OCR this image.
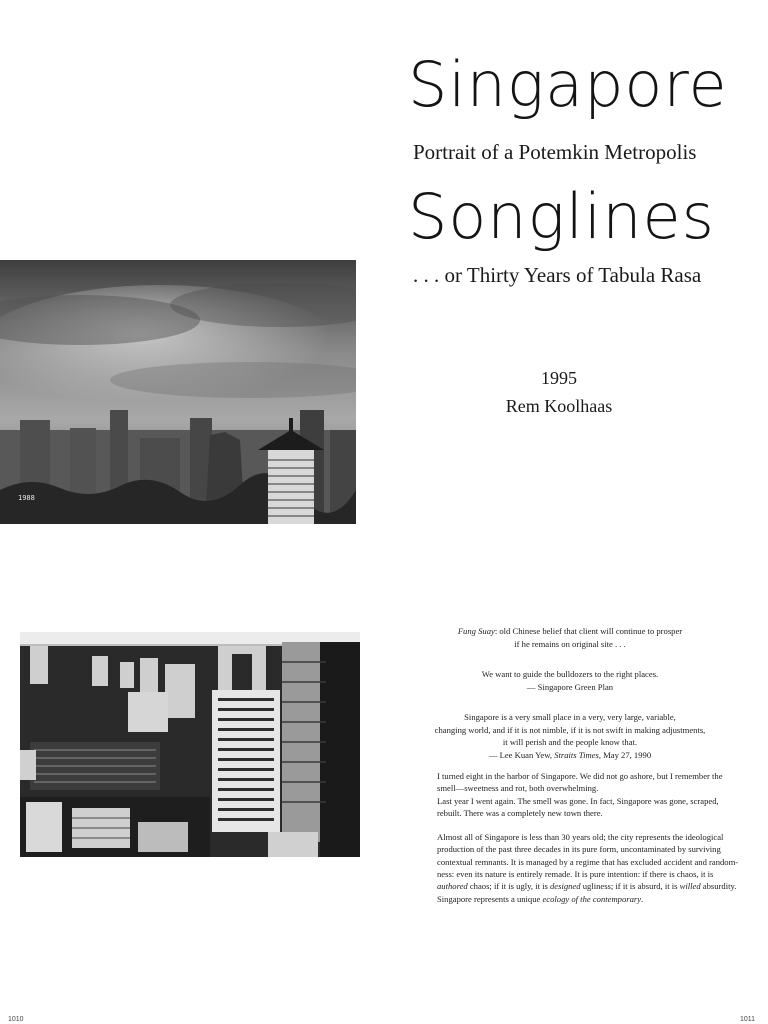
Singapore
Portrait of a Potemkin Metropolis
Songlines
. . . or Thirty Years of Tabula Rasa
1995
Rem Koolhaas
1988

Fung Suay: old Chinese belief that client will continue to prosper
if he remains on original site . . .

We want to guide the bulldozers to the right places.
— Singapore Green Plan

Singapore is a very small place in a very, very large, variable,
changing world, and if it is not nimble, if it is not swift in making adjustments,
it will perish and the people know that.
— Lee Kuan Yew, Straits Times, May 27, 1990

I turned eight in the harbor of Singapore. We did not go ashore, but I remember the
smell—sweetness and rot, both overwhelming.
Last year I went again. The smell was gone. In fact, Singapore was gone, scraped,
rebuilt. There was a completely new town there.

Almost all of Singapore is less than 30 years old; the city represents the ideological
production of the past three decades in its pure form, uncontaminated by surviving
contextual remnants. It is managed by a regime that has excluded accident and random-
ness: even its nature is entirely remade. It is pure intention: if there is chaos, it is
authored chaos; if it is ugly, it is designed ugliness; if it is absurd, it is willed absurdity.
Singapore represents a unique ecology of the contemporary.

1010	1011
